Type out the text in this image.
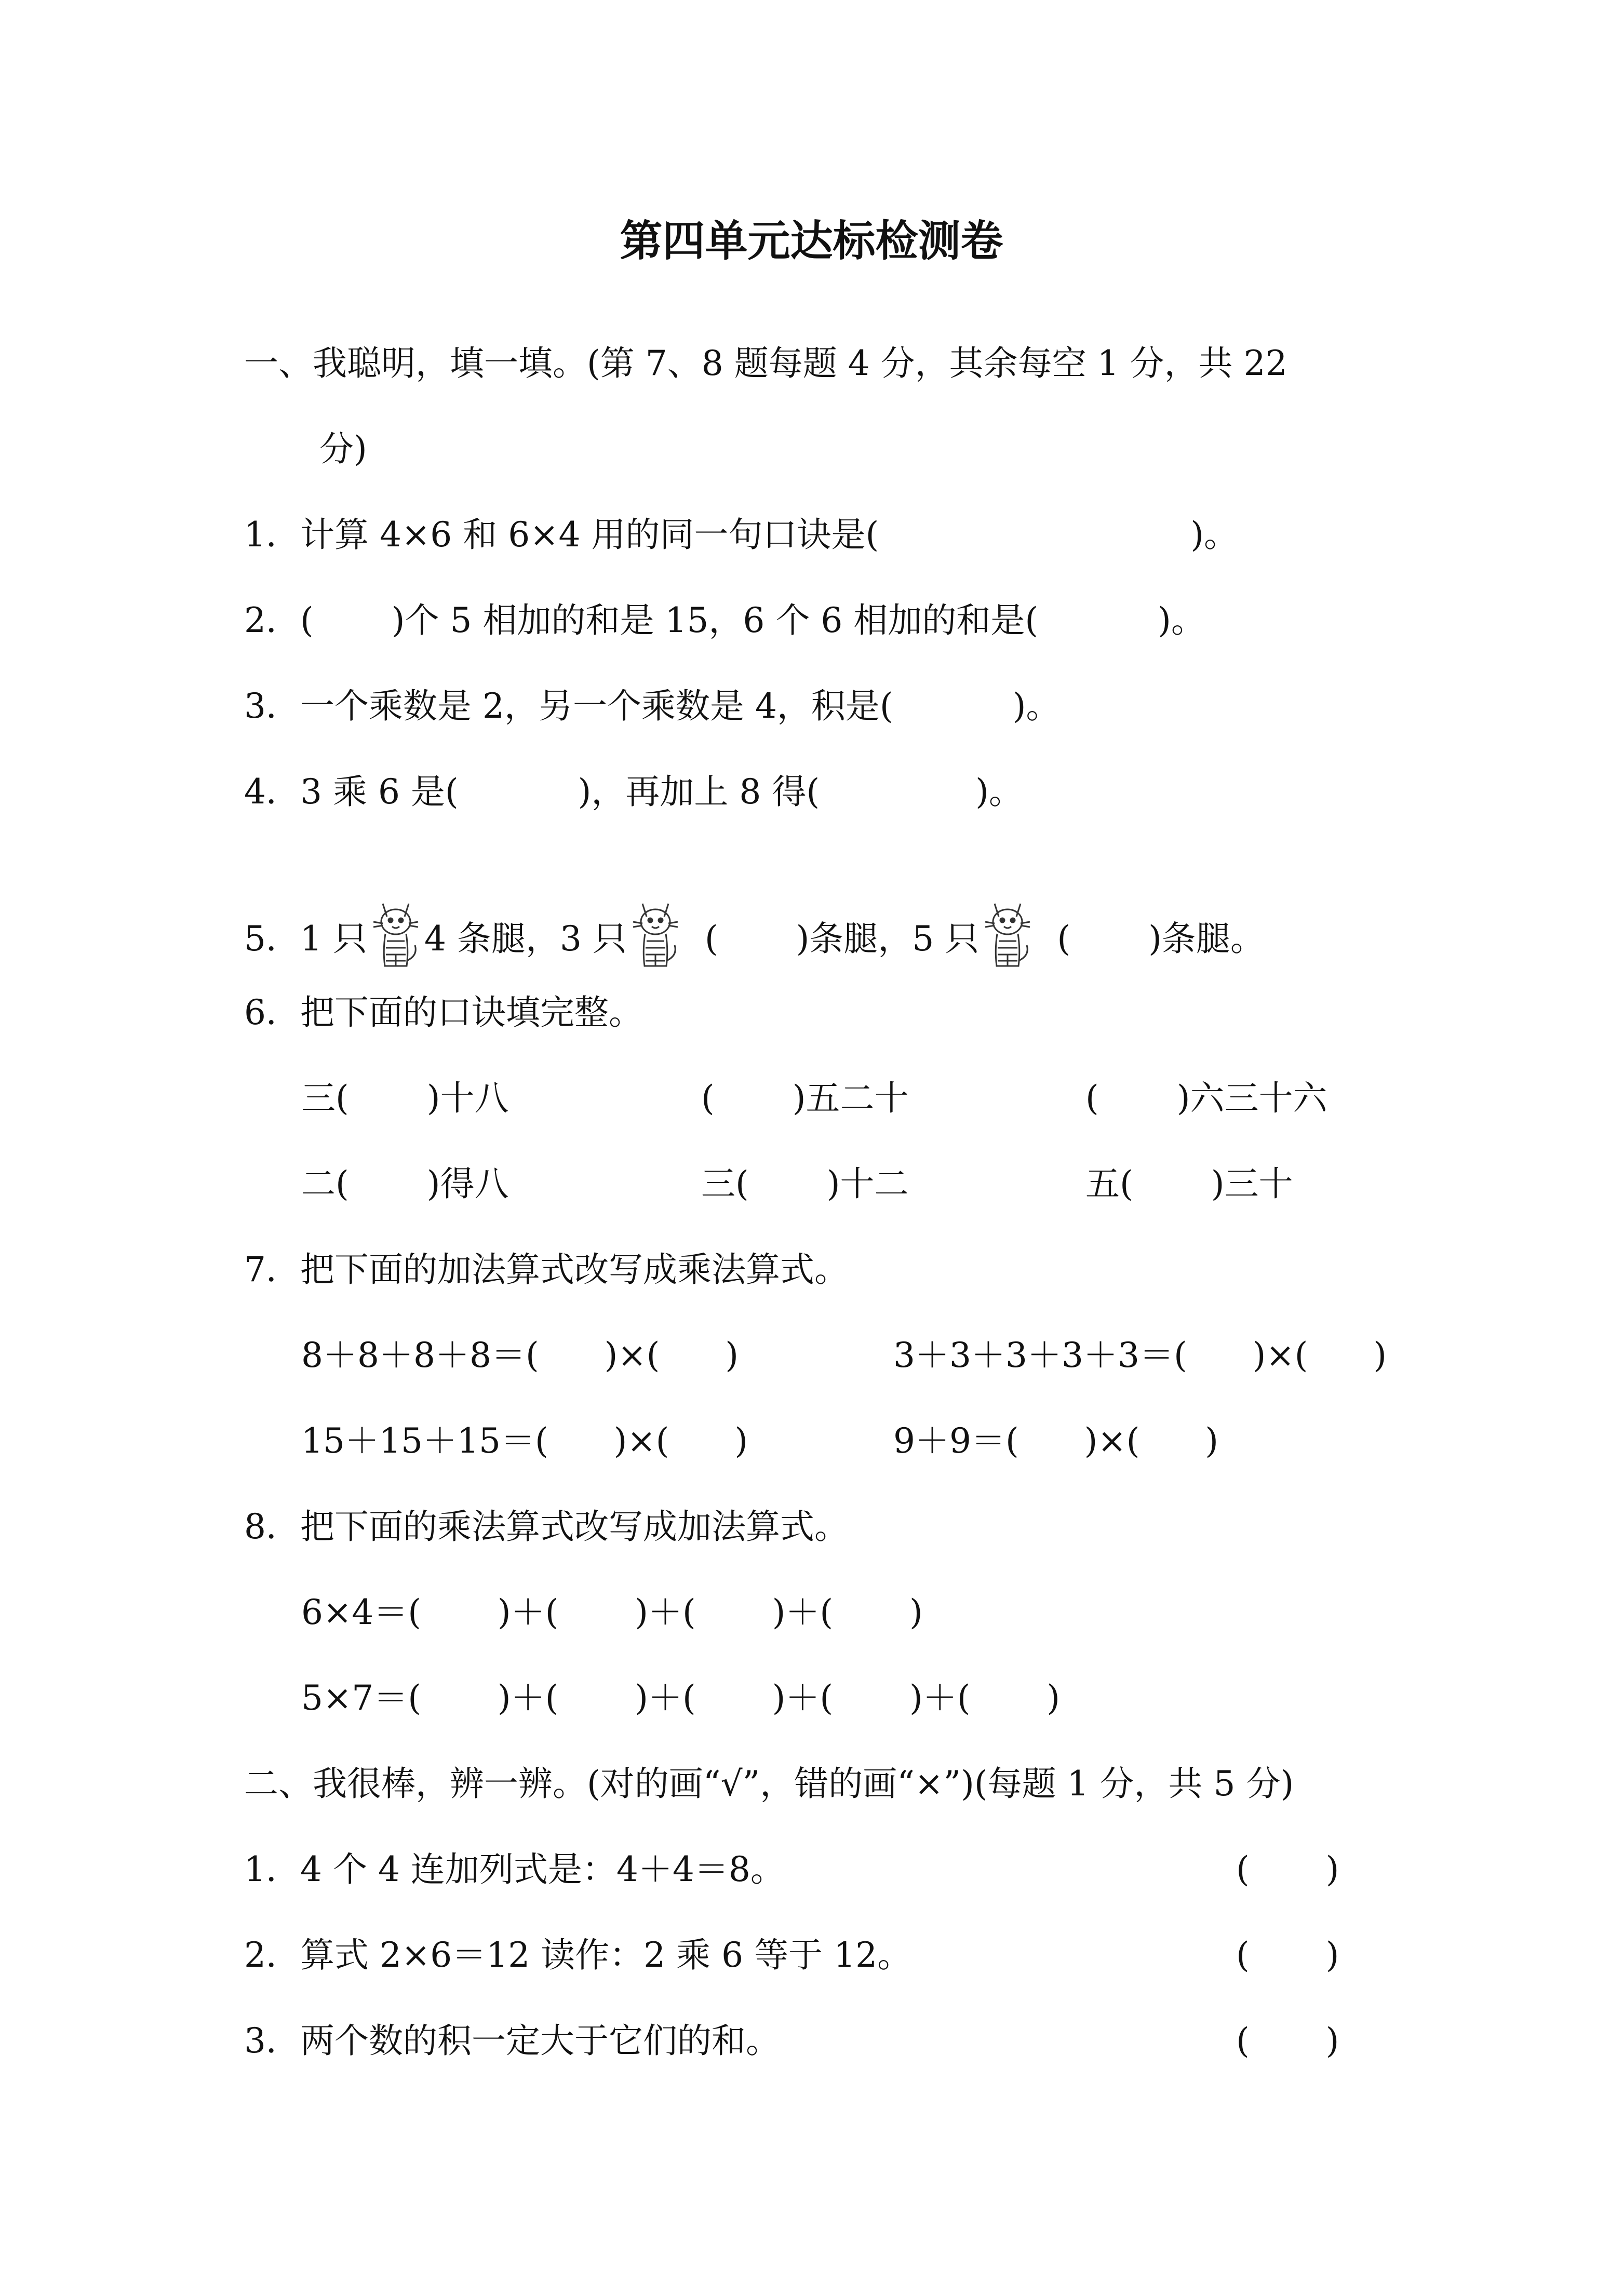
第四单元达标检测卷
一、我聪明，填一填。(第 7、8 题每题 4 分，其余每空 1 分，共 22
分)
1．计算 4×6 和 6×4 用的同一句口诀是(	)。
2．( )个 5 相加的和是 15，6 个 6 相加的和是(	)。
3．一个乘数是 2，另一个乘数是 4，积是(	)。
4．3 乘 6 是(	)，再加上 8 得(	)。
5．1 只 4 条腿，3 只 ( )条腿，5 只 ( )条腿。
6．把下面的口诀填完整。
三( )十八	( )五二十	( )六三十六
二( )得八	三( )十二	五( )三十
7．把下面的加法算式改写成乘法算式。
8＋8＋8＋8＝(      )×(      )	3＋3＋3＋3＋3＝(      )×(      )
15＋15＋15＝(      )×(      )	9＋9＝(      )×(      )
8．把下面的乘法算式改写成加法算式。
6×4＝(       )＋(       )＋(       )＋(       )
5×7＝(       )＋(       )＋(       )＋(       )＋(       )
二、我很棒，辨一辨。(对的画“√”，错的画“×”)(每题 1 分，共 5 分)
1．4 个 4 连加列式是：4＋4＝8。	(       )
2．算式 2×6＝12 读作：2 乘 6 等于 12。	(       )
3．两个数的积一定大于它们的和。	(       )
